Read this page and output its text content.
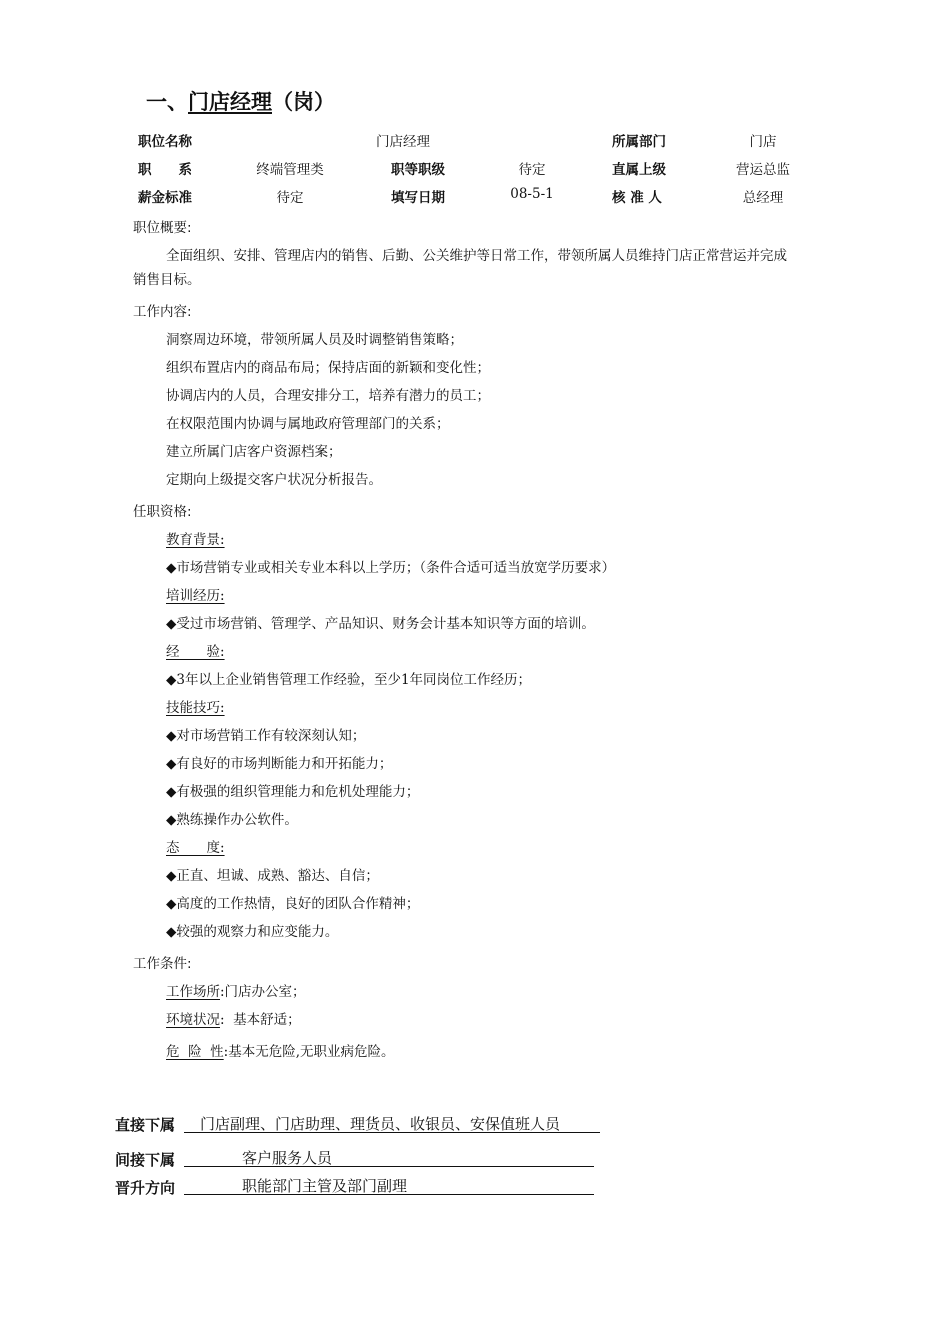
一、门店经理（岗）
职位名称	门店经理	所属部门	门店
职　　系	终端管理类	职等职级	待定	直属上级	营运总监
薪金标准	待定	填写日期	08-5-1	核 准 人	总经理
职位概要:
全面组织、安排、管理店内的销售、后勤、公关维护等日常工作，带领所属人员维持门店正常营运并完成
销售目标。
工作内容:
洞察周边环境，带领所属人员及时调整销售策略；
组织布置店内的商品布局；保持店面的新颖和变化性；
协调店内的人员，合理安排分工，培养有潜力的员工；
在权限范围内协调与属地政府管理部门的关系；
建立所属门店客户资源档案；
定期向上级提交客户状况分析报告。
任职资格:
教育背景:
◆市场营销专业或相关专业本科以上学历；（条件合适可适当放宽学历要求）
培训经历:
◆受过市场营销、管理学、产品知识、财务会计基本知识等方面的培训。
经　　验:
◆3年以上企业销售管理工作经验，至少1年同岗位工作经历；
技能技巧:
◆对市场营销工作有较深刻认知；
◆有良好的市场判断能力和开拓能力；
◆有极强的组织管理能力和危机处理能力；
◆熟练操作办公软件。
态　　度:
◆正直、坦诚、成熟、豁达、自信；
◆高度的工作热情，良好的团队合作精神；
◆较强的观察力和应变能力。
工作条件:
工作场所:门店办公室；
环境状况:  基本舒适；
危  险  性:基本无危险,无职业病危险。
直接下属 门店副理、门店助理、理货员、收银员、安保值班人员
间接下属	客户服务人员
晋升方向	职能部门主管及部门副理
